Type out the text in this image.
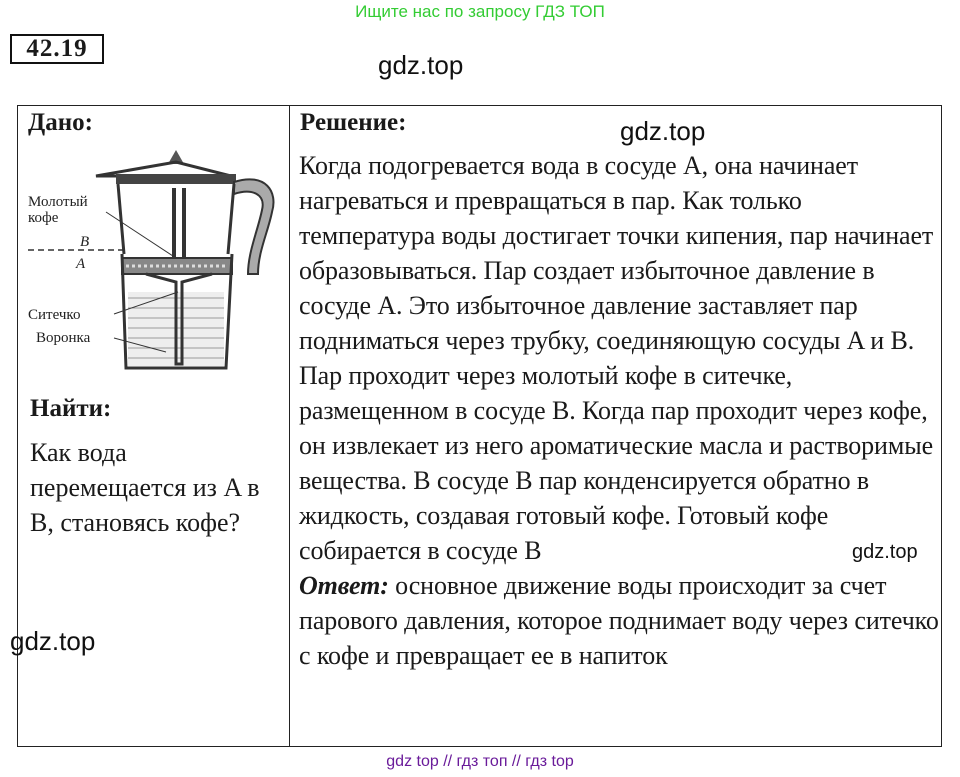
Ищите нас по запросу ГДЗ ТОП
42.19
Дано:
Молотый
кофе
B
A
Ситечко
Воронка
Найти:
Как вода перемещается из A в B, становясь кофе?
Решение:
Когда подогревается вода в сосуде A, она начинает нагреваться и превращаться в пар. Как только температура воды достигает точки кипения, пар начинает образовываться. Пар создает избыточное давление в сосуде A. Это избыточное давление заставляет пар подниматься через трубку, соединяющую сосуды A и B. Пар проходит через молотый кофе в ситечке, размещенном в сосуде B. Когда пар проходит через кофе, он извлекает из него ароматические масла и растворимые вещества. В сосуде B пар конденсируется обратно в жидкость, создавая готовый кофе. Готовый кофе собирается в сосуде B
Ответ: основное движение воды происходит за счет парового давления, которое поднимает воду через ситечко с кофе и превращает ее в напиток
gdz.top
gdz.top
gdz.top
gdz.top
gdz top // гдз топ // гдз top
